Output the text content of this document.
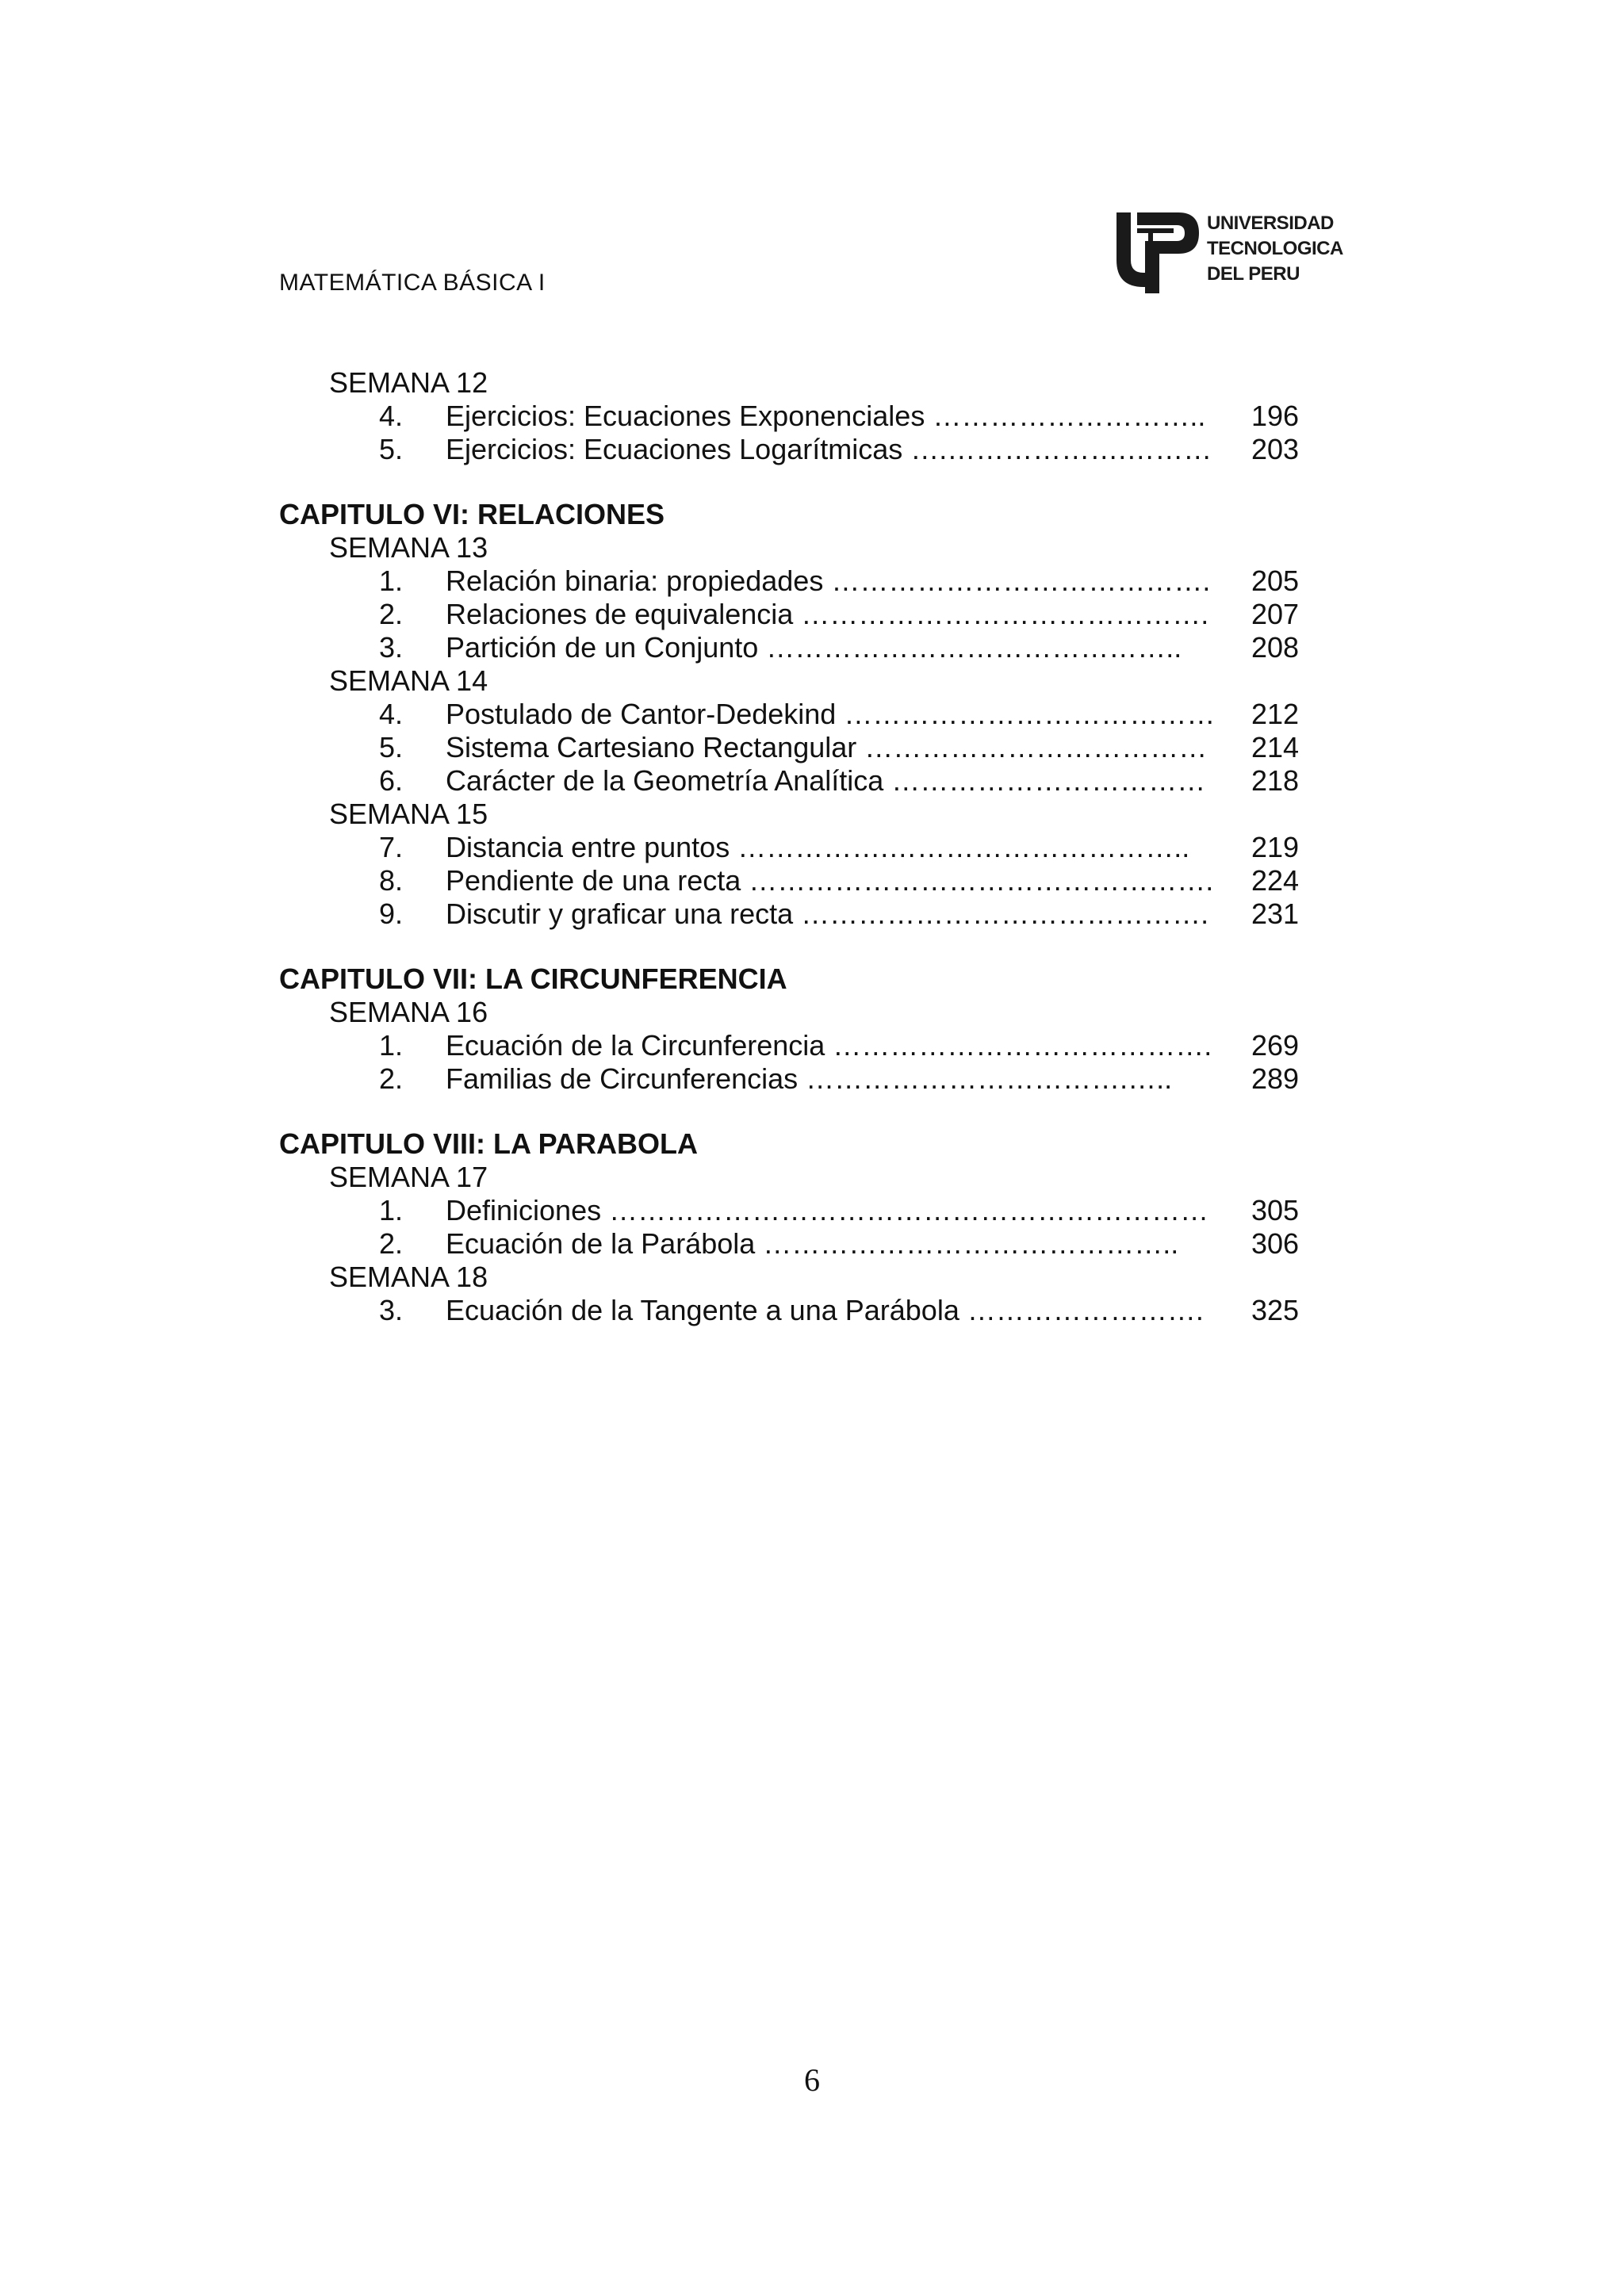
MATEMÁTICA BÁSICA I
UNIVERSIDAD
TECNOLOGICA
DEL PERU
SEMANA 12
4. Ejercicios: Ecuaciones Exponenciales ……………………….. 196
5. Ejercicios: Ecuaciones Logarítmicas ….……………….……… 203
CAPITULO VI: RELACIONES
SEMANA 13
1. Relación binaria: propiedades …………………………………. 205
2. Relaciones de equivalencia ……………………………………. 207
3. Partición de un Conjunto …………………………………….. 208
SEMANA 14
4. Postulado de Cantor-Dedekind ………………………………… 212
5. Sistema Cartesiano Rectangular ……………………………… 214
6. Carácter de la Geometría Analítica …………………………… 218
SEMANA 15
7. Distancia entre puntos …………….………………………….. 219
8. Pendiente de una recta …………………………………………. 224
9. Discutir y graficar una recta ……………………………………. 231
CAPITULO VII: LA CIRCUNFERENCIA
SEMANA 16
1. Ecuación de la Circunferencia …………………………………. 269
2. Familias de Circunferencias …………………………….…..	289
CAPITULO VIII: LA PARABOLA
SEMANA 17
1. Definiciones ……………………………………………………… 305
2. Ecuación de la Parábola ……………………………………..	306
SEMANA 18
3. Ecuación de la Tangente a una Parábola ……………………. 325
6
